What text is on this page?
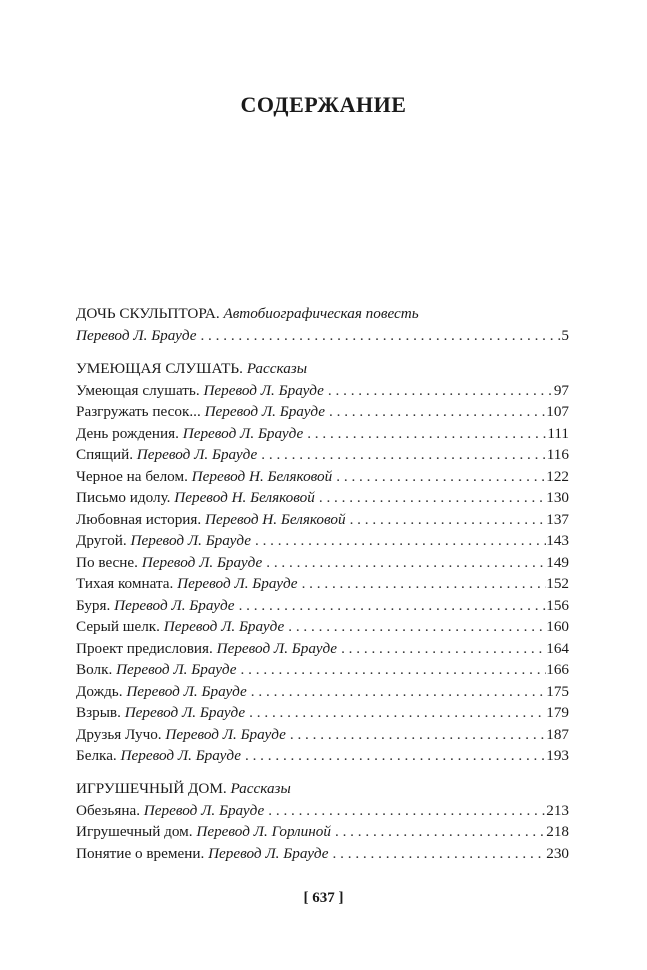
СОДЕРЖАНИЕ
ДОЧЬ СКУЛЬПТОРА. Автобиографическая повесть
Перевод Л. Брауде . . .	5
УМЕЮЩАЯ СЛУШАТЬ. Рассказы
Умеющая слушать. Перевод Л. Брауде . . .	97
Разгружать песок... Перевод Л. Брауде . . .	107
День рождения. Перевод Л. Брауде . . .	111
Спящий. Перевод Л. Брауде . . .	116
Черное на белом. Перевод Н. Беляковой . . .	122
Письмо идолу. Перевод Н. Беляковой . . .	130
Любовная история. Перевод Н. Беляковой . . .	137
Другой. Перевод Л. Брауде . . .	143
По весне. Перевод Л. Брауде . . .	149
Тихая комната. Перевод Л. Брауде . . .	152
Буря. Перевод Л. Брауде . . .	156
Серый шелк. Перевод Л. Брауде . . .	160
Проект предисловия. Перевод Л. Брауде . . .	164
Волк. Перевод Л. Брауде . . .	166
Дождь. Перевод Л. Брауде . . .	175
Взрыв. Перевод Л. Брауде . . .	179
Друзья Лучо. Перевод Л. Брауде . . .	187
Белка. Перевод Л. Брауде . . .	193
ИГРУШЕЧНЫЙ ДОМ. Рассказы
Обезьяна. Перевод Л. Брауде . . .	213
Игрушечный дом. Перевод Л. Горлиной . . .	218
Понятие о времени. Перевод Л. Брауде . . .	230
[ 637 ]
